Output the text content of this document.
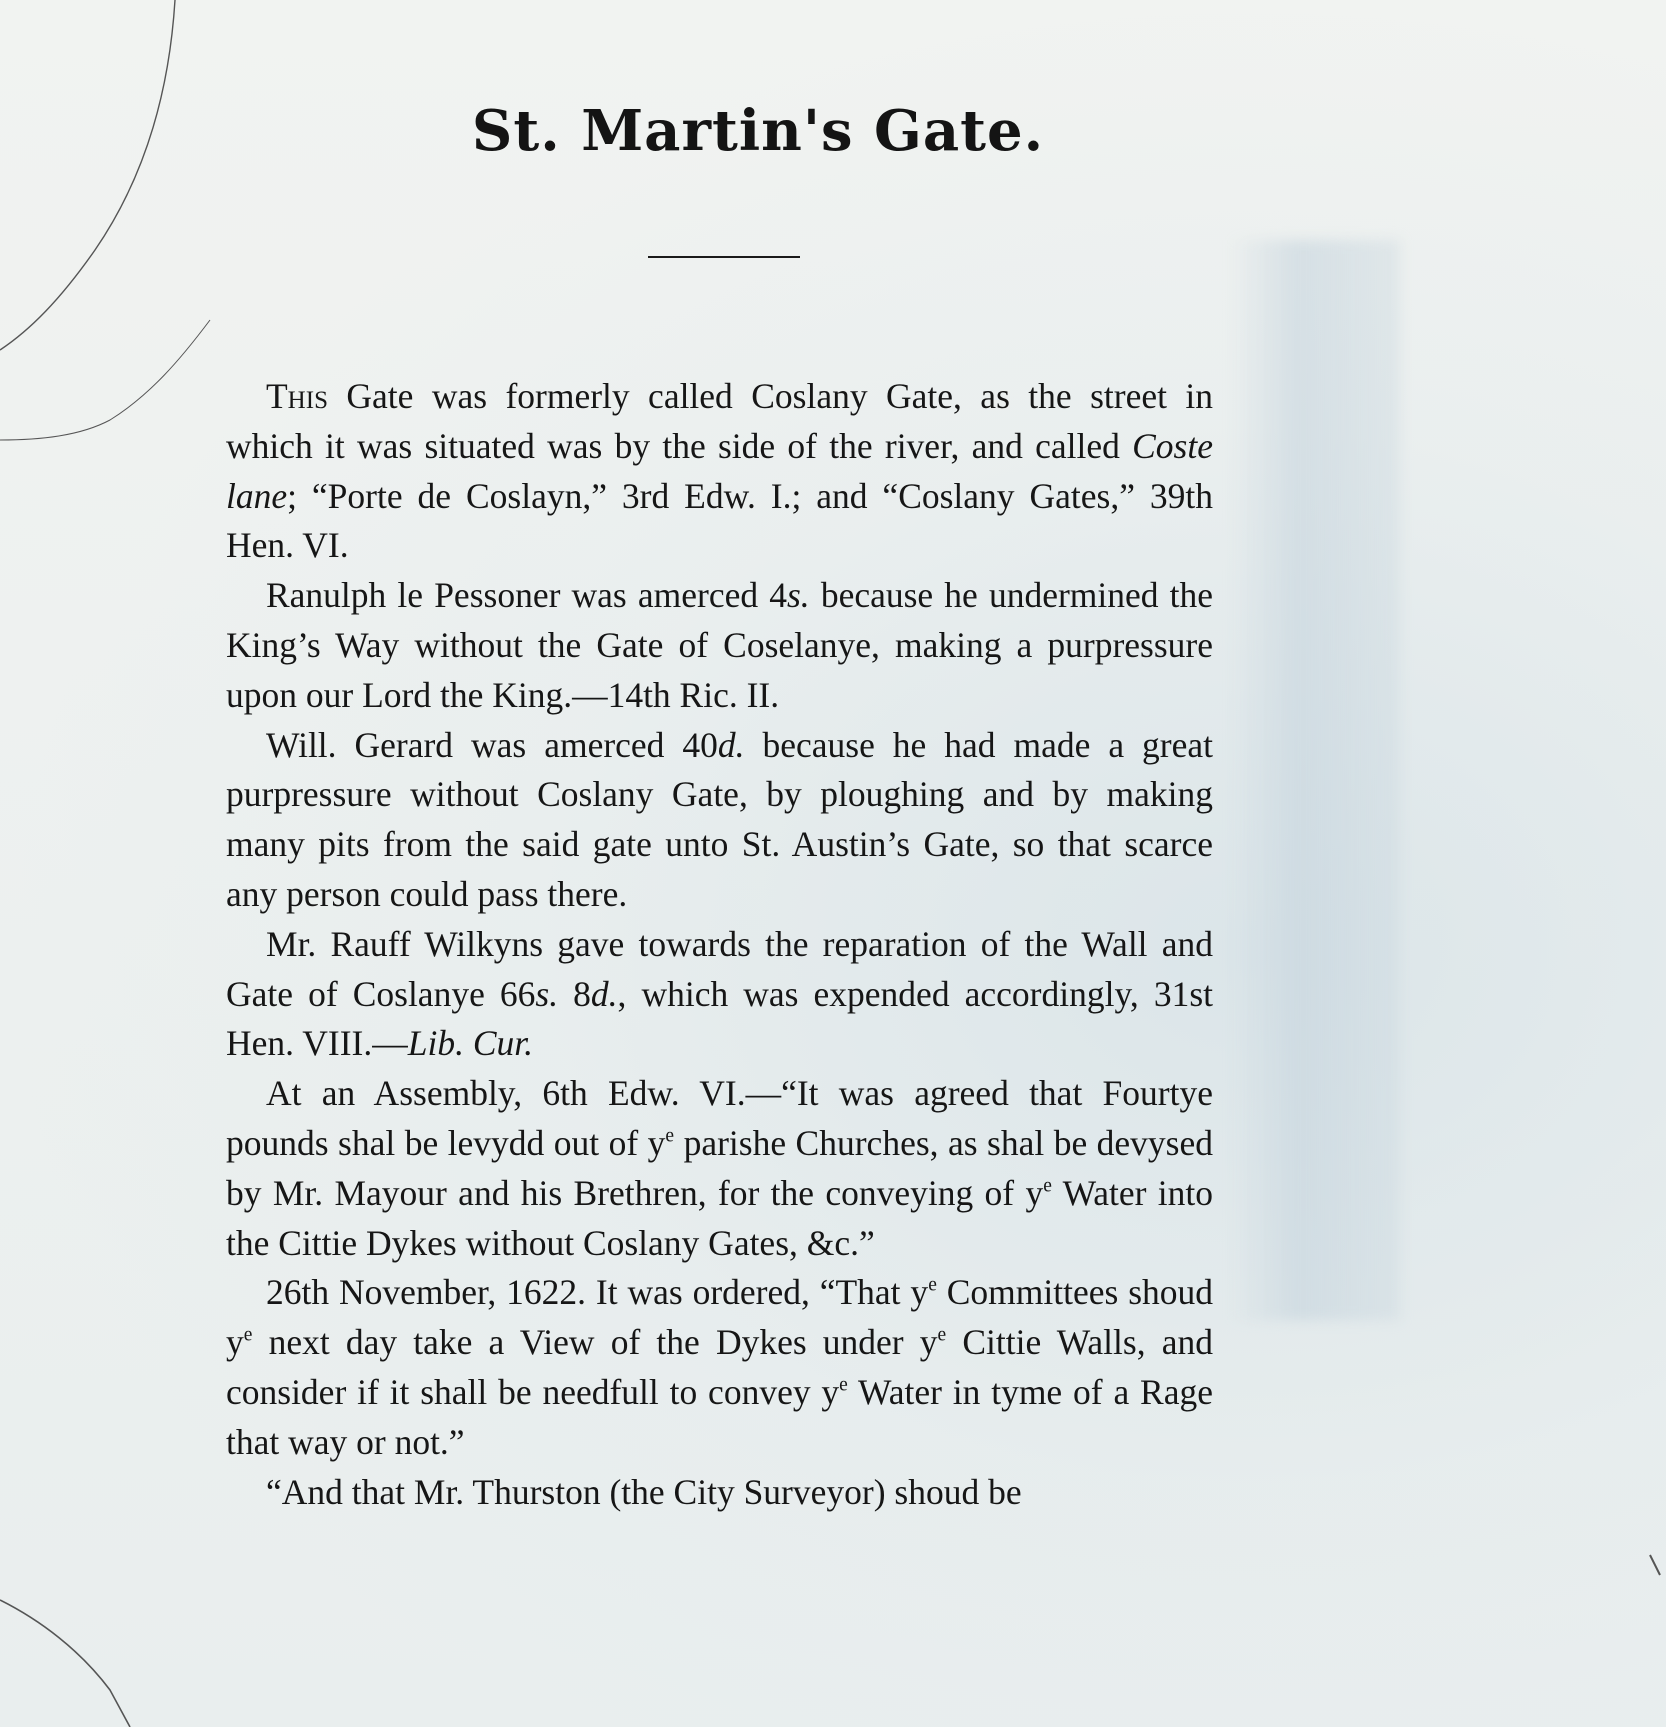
St. Martin's Gate.

This Gate was formerly called Coslany Gate, as the street in which it was situated was by the side of the river, and called Coste lane; “Porte de Coslayn,” 3rd Edw. I.; and “Coslany Gates,” 39th Hen. VI.

Ranulph le Pessoner was amerced 4s. because he undermined the King’s Way without the Gate of Coselanye, making a purpressure upon our Lord the King.—14th Ric. II.

Will. Gerard was amerced 40d. because he had made a great purpressure without Coslany Gate, by ploughing and by making many pits from the said gate unto St. Austin’s Gate, so that scarce any person could pass there.

Mr. Rauff Wilkyns gave towards the reparation of the Wall and Gate of Coslanye 66s. 8d., which was expended accordingly, 31st Hen. VIII.—Lib. Cur.

At an Assembly, 6th Edw. VI.—“It was agreed that Fourtye pounds shal be levydd out of $y^e$ parishe Churches, as shal be devysed by Mr. Mayour and his Brethren, for the conveying of $y^e$ Water into the Cittie Dykes without Coslany Gates, &c.”

26th November, 1622. It was ordered, “That $y^e$ Committees shoud $y^e$ next day take a View of the Dykes under $y^e$ Cittie Walls, and consider if it shall be needfull to convey $y^e$ Water in tyme of a Rage that way or not.”

“And that Mr. Thurston (the City Surveyor) shoud be
